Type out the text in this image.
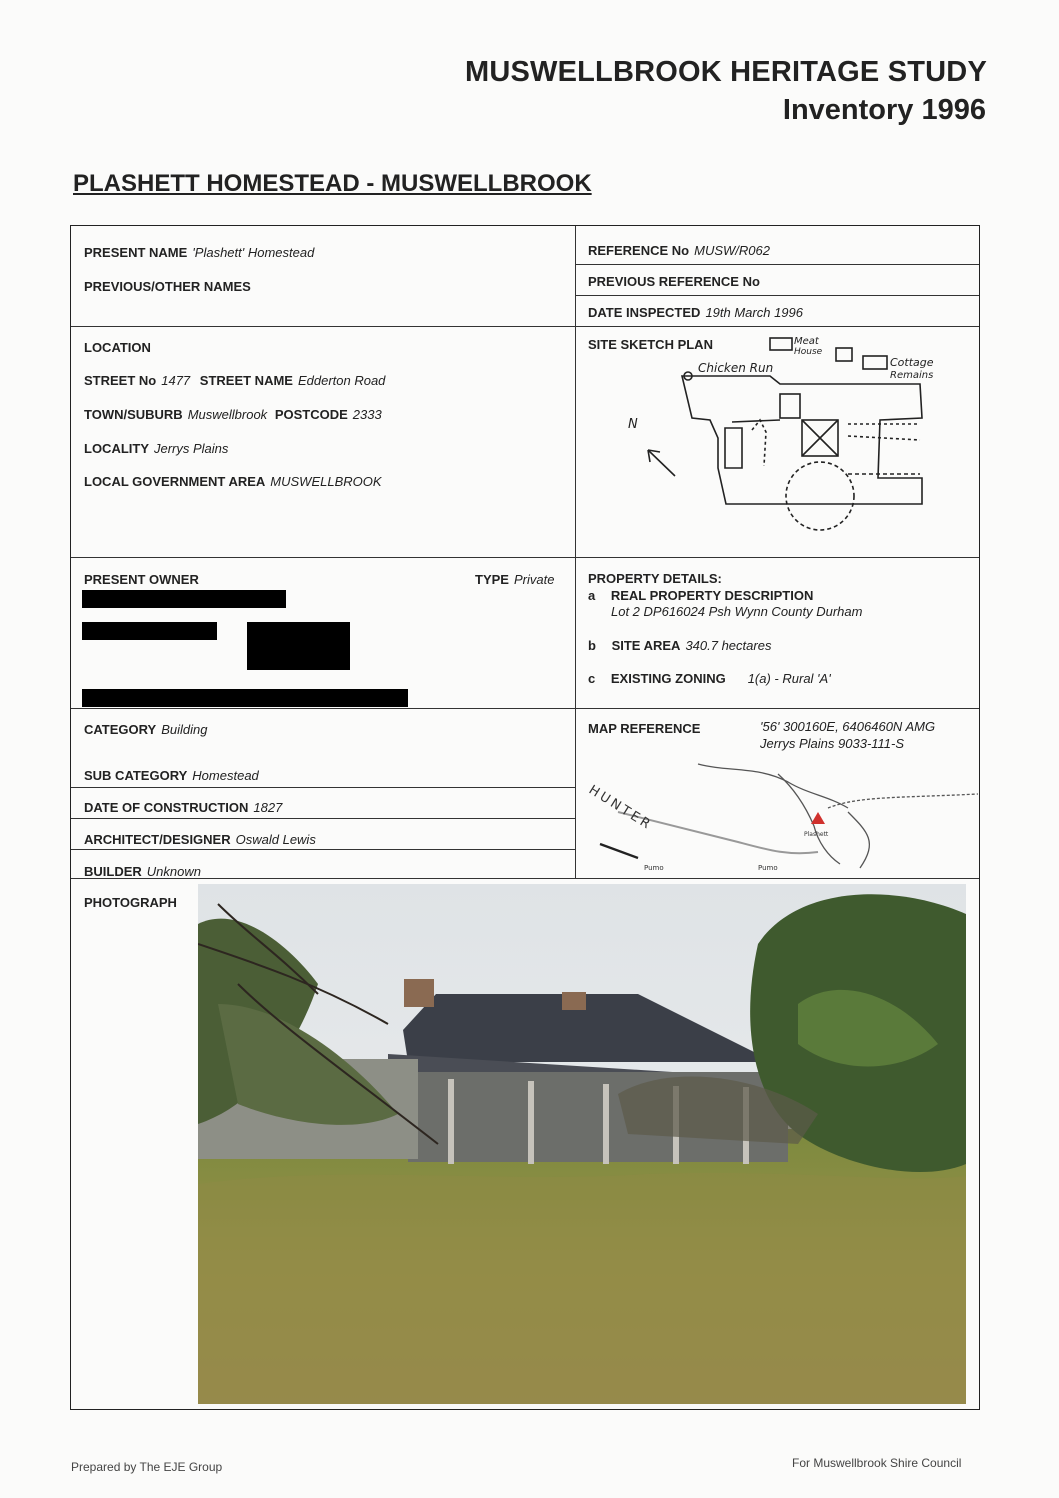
MUSWELLBROOK HERITAGE STUDY
Inventory 1996
PLASHETT HOMESTEAD - MUSWELLBROOK
PRESENT NAME 'Plashett' Homestead
PREVIOUS/OTHER NAMES
LOCATION
STREET No 1477 STREET NAME Edderton Road
TOWN/SUBURB Muswellbrook POSTCODE 2333
LOCALITY Jerrys Plains
LOCAL GOVERNMENT AREA MUSWELLBROOK
PRESENT OWNER	TYPE Private
CATEGORY Building
SUB CATEGORY Homestead
DATE OF CONSTRUCTION 1827
ARCHITECT/DESIGNER Oswald Lewis
BUILDER Unknown
PHOTOGRAPH
REFERENCE No MUSW/R062
PREVIOUS REFERENCE No
DATE INSPECTED 19th March 1996
SITE SKETCH PLAN	Meat
House
Chicken Run	Cottage
Remains
N
PROPERTY DETAILS:
a REAL PROPERTY DESCRIPTION
Lot 2 DP616024 Psh Wynn County Durham
b SITE AREA 340.7 hectares
c EXISTING ZONING 1(a) - Rural 'A'
MAP REFERENCE	'56' 300160E, 6406460N AMG
Jerrys Plains 9033-111-S
HUNTER
Pumo	Pumo
Plashett
Prepared by The EJE Group	For Muswellbrook Shire Council
